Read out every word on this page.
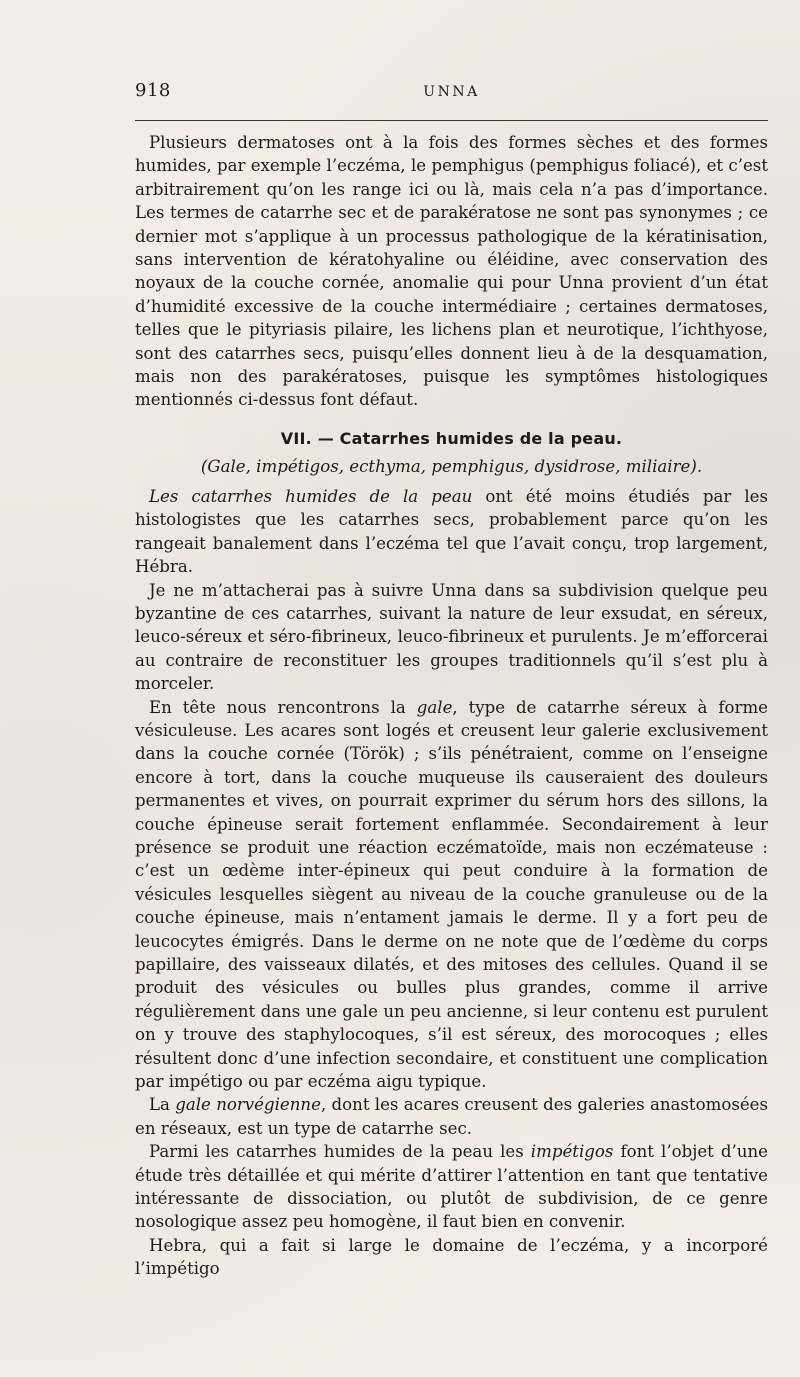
918	UNNA

Plusieurs dermatoses ont à la fois des formes sèches et des formes humides, par exemple l’eczéma, le pemphigus (pemphigus foliacé), et c’est arbitrairement qu’on les range ici ou là, mais cela n’a pas d’importance. Les termes de catarrhe sec et de parakératose ne sont pas synonymes ; ce dernier mot s’applique à un processus pathologique de la kératinisation, sans intervention de kératohyaline ou éléidine, avec conservation des noyaux de la couche cornée, anomalie qui pour Unna provient d’un état d’humidité excessive de la couche intermédiaire ; certaines dermatoses, telles que le pityriasis pilaire, les lichens plan et neurotique, l’ichthyose, sont des catarrhes secs, puisqu’elles donnent lieu à de la desquamation, mais non des parakératoses, puisque les symptômes histologiques mentionnés ci-dessus font défaut.

VII. — Catarrhes humides de la peau.
(Gale, impétigos, ecthyma, pemphigus, dysidrose, miliaire).

Les catarrhes humides de la peau ont été moins étudiés par les histologistes que les catarrhes secs, probablement parce qu’on les rangeait banalement dans l’eczéma tel que l’avait conçu, trop largement, Hébra.

Je ne m’attacherai pas à suivre Unna dans sa subdivision quelque peu byzantine de ces catarrhes, suivant la nature de leur exsudat, en séreux, leuco-séreux et séro-fibrineux, leuco-fibrineux et purulents. Je m’efforcerai au contraire de reconstituer les groupes traditionnels qu’il s’est plu à morceler.

En tête nous rencontrons la gale, type de catarrhe séreux à forme vésiculeuse. Les acares sont logés et creusent leur galerie exclusivement dans la couche cornée (Török) ; s’ils pénétraient, comme on l’enseigne encore à tort, dans la couche muqueuse ils causeraient des douleurs permanentes et vives, on pourrait exprimer du sérum hors des sillons, la couche épineuse serait fortement enflammée. Secondairement à leur présence se produit une réaction eczématoïde, mais non eczémateuse : c’est un œdème inter-épineux qui peut conduire à la formation de vésicules lesquelles siègent au niveau de la couche granuleuse ou de la couche épineuse, mais n’entament jamais le derme. Il y a fort peu de leucocytes émigrés. Dans le derme on ne note que de l’œdème du corps papillaire, des vaisseaux dilatés, et des mitoses des cellules. Quand il se produit des vésicules ou bulles plus grandes, comme il arrive régulièrement dans une gale un peu ancienne, si leur contenu est purulent on y trouve des staphylocoques, s’il est séreux, des morocoques ; elles résultent donc d’une infection secondaire, et constituent une complication par impétigo ou par eczéma aigu typique.

La gale norvégienne, dont les acares creusent des galeries anastomosées en réseaux, est un type de catarrhe sec.

Parmi les catarrhes humides de la peau les impétigos font l’objet d’une étude très détaillée et qui mérite d’attirer l’attention en tant que tentative intéressante de dissociation, ou plutôt de subdivision, de ce genre nosologique assez peu homogène, il faut bien en convenir.

Hebra, qui a fait si large le domaine de l’eczéma, y a incorporé l’impétigo
